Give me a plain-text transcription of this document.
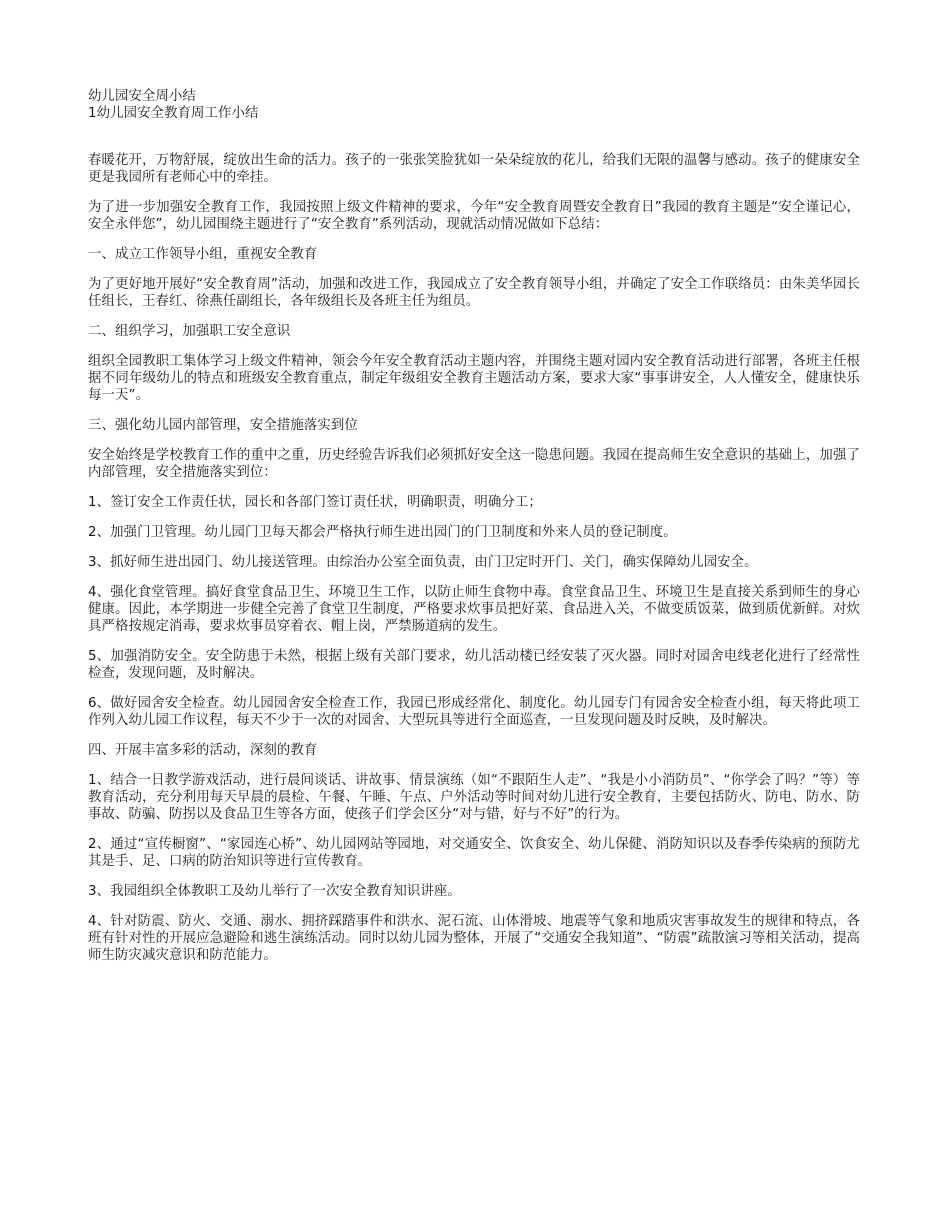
幼儿园安全周小结

1幼儿园安全教育周工作小结

春暖花开，万物舒展，绽放出生命的活力。孩子的一张张笑脸犹如一朵朵绽放的花儿，给我们无限的温馨与感动。孩子的健康安全更是我园所有老师心中的牵挂。

为了进一步加强安全教育工作，我园按照上级文件精神的要求，今年“安全教育周暨安全教育日”我园的教育主题是“安全谨记心，安全永伴您”，幼儿园围绕主题进行了“安全教育”系列活动，现就活动情况做如下总结：

一、成立工作领导小组，重视安全教育

为了更好地开展好“安全教育周”活动，加强和改进工作，我园成立了安全教育领导小组，并确定了安全工作联络员：由朱美华园长任组长，王春红、徐燕任副组长，各年级组长及各班主任为组员。

二、组织学习，加强职工安全意识

组织全园教职工集体学习上级文件精神，领会今年安全教育活动主题内容，并围绕主题对园内安全教育活动进行部署，各班主任根据不同年级幼儿的特点和班级安全教育重点，制定年级组安全教育主题活动方案，要求大家“事事讲安全，人人懂安全，健康快乐每一天”。

三、强化幼儿园内部管理，安全措施落实到位

安全始终是学校教育工作的重中之重，历史经验告诉我们必须抓好安全这一隐患问题。我园在提高师生安全意识的基础上，加强了内部管理，安全措施落实到位：

1、签订安全工作责任状，园长和各部门签订责任状，明确职责，明确分工；

2、加强门卫管理。幼儿园门卫每天都会严格执行师生进出园门的门卫制度和外来人员的登记制度。

3、抓好师生进出园门、幼儿接送管理。由综治办公室全面负责，由门卫定时开门、关门，确实保障幼儿园安全。

4、强化食堂管理。搞好食堂食品卫生、环境卫生工作，以防止师生食物中毒。食堂食品卫生、环境卫生是直接关系到师生的身心健康。因此，本学期进一步健全完善了食堂卫生制度，严格要求炊事员把好菜、食品进入关，不做变质饭菜，做到质优新鲜。对炊具严格按规定消毒，要求炊事员穿着衣、帽上岗，严禁肠道病的发生。

5、加强消防安全。安全防患于未然，根据上级有关部门要求，幼儿活动楼已经安装了灭火器。同时对园舍电线老化进行了经常性检查，发现问题，及时解决。

6、做好园舍安全检查。幼儿园园舍安全检查工作，我园已形成经常化、制度化。幼儿园专门有园舍安全检查小组，每天将此项工作列入幼儿园工作议程，每天不少于一次的对园舍、大型玩具等进行全面巡查，一旦发现问题及时反映，及时解决。

四、开展丰富多彩的活动，深刻的教育

1、结合一日教学游戏活动，进行晨间谈话、讲故事、情景演练（如“不跟陌生人走”、“我是小小消防员”、“你学会了吗？”等）等教育活动，充分利用每天早晨的晨检、午餐、午睡、午点、户外活动等时间对幼儿进行安全教育，主要包括防火、防电、防水、防事故、防骗、防拐以及食品卫生等各方面，使孩子们学会区分“对与错，好与不好”的行为。

2、通过“宣传橱窗”、“家园连心桥”、幼儿园网站等园地，对交通安全、饮食安全、幼儿保健、消防知识以及春季传染病的预防尤其是手、足、口病的防治知识等进行宣传教育。

3、我园组织全体教职工及幼儿举行了一次安全教育知识讲座。

4、针对防震、防火、交通、溺水、拥挤踩踏事件和洪水、泥石流、山体滑坡、地震等气象和地质灾害事故发生的规律和特点，各班有针对性的开展应急避险和逃生演练活动。同时以幼儿园为整体，开展了“交通安全我知道”、“防震”疏散演习等相关活动，提高师生防灾减灾意识和防范能力。
